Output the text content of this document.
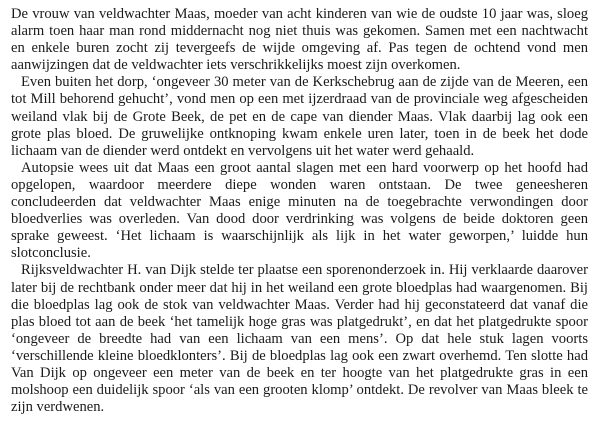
De vrouw van veldwachter Maas, moeder van acht kinderen van wie de oudste 10 jaar was, sloeg alarm toen haar man rond middernacht nog niet thuis was gekomen. Samen met een nachtwacht en enkele buren zocht zij tevergeefs de wijde omgeving af. Pas tegen de ochtend vond men aanwijzingen dat de veldwachter iets verschrikkelijks moest zijn overkomen.

Even buiten het dorp, ‘ongeveer 30 meter van de Kerkschebrug aan de zijde van de Meeren, een tot Mill behorend gehucht’, vond men op een met ijzerdraad van de provinciale weg afgescheiden weiland vlak bij de Grote Beek, de pet en de cape van diender Maas. Vlak daarbij lag ook een grote plas bloed. De gruwelijke ontknoping kwam enkele uren later, toen in de beek het dode lichaam van de diender werd ontdekt en vervolgens uit het water werd gehaald.

Autopsie wees uit dat Maas een groot aantal slagen met een hard voorwerp op het hoofd had opgelopen, waardoor meerdere diepe wonden waren ontstaan. De twee geneesheren concludeerden dat veldwachter Maas enige minuten na de toegebrachte verwondingen door bloedverlies was overleden. Van dood door verdrinking was volgens de beide doktoren geen sprake geweest. ‘Het lichaam is waarschijnlijk als lijk in het water geworpen,’ luidde hun slotconclusie.

Rijksveldwachter H. van Dijk stelde ter plaatse een sporenonderzoek in. Hij verklaarde daarover later bij de rechtbank onder meer dat hij in het weiland een grote bloedplas had waargenomen. Bij die bloedplas lag ook de stok van veldwachter Maas. Verder had hij geconstateerd dat vanaf die plas bloed tot aan de beek ‘het tamelijk hoge gras was platgedrukt’, en dat het platgedrukte spoor ‘ongeveer de breedte had van een lichaam van een mens’. Op dat hele stuk lagen voorts ‘verschillende kleine bloedklonters’. Bij de bloedplas lag ook een zwart overhemd. Ten slotte had Van Dijk op ongeveer een meter van de beek en ter hoogte van het platgedrukte gras in een molshoop een duidelijk spoor ‘als van een grooten klomp’ ontdekt. De revolver van Maas bleek te zijn verdwenen.
